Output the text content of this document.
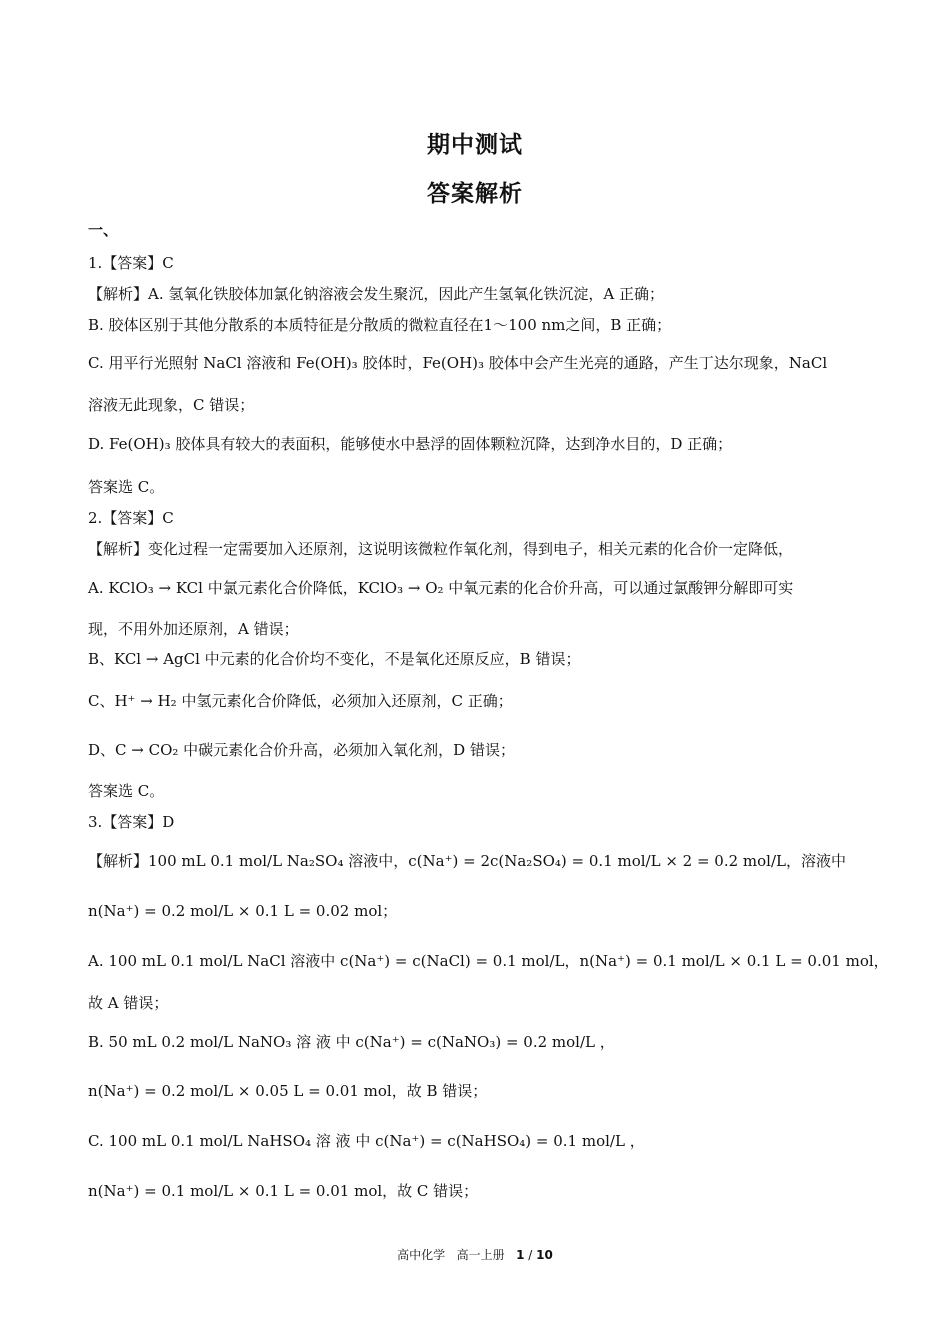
期中测试
答案解析
一、
1.【答案】C
【解析】A. 氢氧化铁胶体加氯化钠溶液会发生聚沉，因此产生氢氧化铁沉淀，A 正确；
B. 胶体区别于其他分散系的本质特征是分散质的微粒直径在1～100 nm之间，B 正确；
C. 用平行光照射 NaCl 溶液和 Fe(OH)₃ 胶体时，Fe(OH)₃ 胶体中会产生光亮的通路，产生丁达尔现象，NaCl
溶液无此现象，C 错误；
D. Fe(OH)₃ 胶体具有较大的表面积，能够使水中悬浮的固体颗粒沉降，达到净水目的，D 正确；
答案选 C。
2.【答案】C
【解析】变化过程一定需要加入还原剂，这说明该微粒作氧化剂，得到电子，相关元素的化合价一定降低，
A. KClO₃ → KCl 中氯元素化合价降低，KClO₃ → O₂ 中氧元素的化合价升高，可以通过氯酸钾分解即可实
现，不用外加还原剂，A 错误；
B、KCl → AgCl 中元素的化合价均不变化，不是氧化还原反应，B 错误；
C、H⁺ → H₂ 中氢元素化合价降低，必须加入还原剂，C 正确；
D、C → CO₂ 中碳元素化合价升高，必须加入氧化剂，D 错误；
答案选 C。
3.【答案】D
【解析】100 mL 0.1 mol/L Na₂SO₄ 溶液中，c(Na⁺) = 2c(Na₂SO₄) = 0.1 mol/L × 2 = 0.2 mol/L，溶液中
n(Na⁺) = 0.2 mol/L × 0.1 L = 0.02 mol；
A. 100 mL 0.1 mol/L NaCl 溶液中 c(Na⁺) = c(NaCl) = 0.1 mol/L，n(Na⁺) = 0.1 mol/L × 0.1 L = 0.01 mol，
故 A 错误；
B. 50 mL 0.2 mol/L NaNO₃ 溶 液 中 c(Na⁺) = c(NaNO₃) = 0.2 mol/L ，
n(Na⁺) = 0.2 mol/L × 0.05 L = 0.01 mol，故 B 错误；
C. 100 mL 0.1 mol/L NaHSO₄ 溶 液 中 c(Na⁺) = c(NaHSO₄) = 0.1 mol/L ，
n(Na⁺) = 0.1 mol/L × 0.1 L = 0.01 mol，故 C 错误；
高中化学 高一上册 1 / 10
